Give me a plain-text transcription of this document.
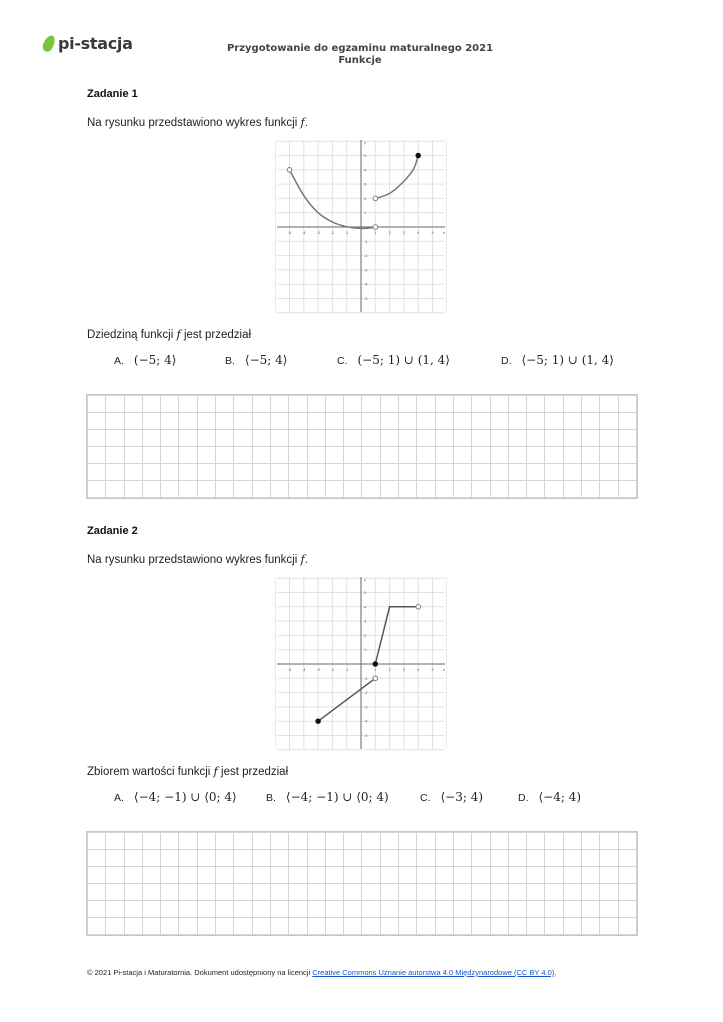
pi-stacja	Przygotowanie do egzaminu maturalnego 2021
Funkcje
Zadanie 1
Na rysunku przedstawiono wykres funkcji f.
-5	-4	-3	-2	-1	1	2	3	4	5
-5
-4
-3
-2
-1
1
2
3
4
5
x
y
Dziedziną funkcji f jest przedział
A. (−5; 4⟩	B. ⟨−5; 4⟩	C. (−5; 1) ∪ (1, 4⟩	D. ⟨−5; 1) ∪ (1, 4⟩

Zadanie 2
Na rysunku przedstawiono wykres funkcji f.
-5	-4	-3	-2	-1	1	2	3	4	5
-5
-4
-3
-2
-1
1
2
3
4
5
x
y
Zbiorem wartości funkcji f jest przedział
A. ⟨−4; −1) ∪ ⟨0; 4⟩	B. ⟨−4; −1) ∪ ⟨0; 4)	C. ⟨−3; 4)	D. ⟨−4; 4)

© 2021 Pi-stacja i Maturatornia. Dokument udostępniony na licencji Creative Commons Uznanie autorstwa 4.0 Międzynarodowe (CC BY 4.0).
